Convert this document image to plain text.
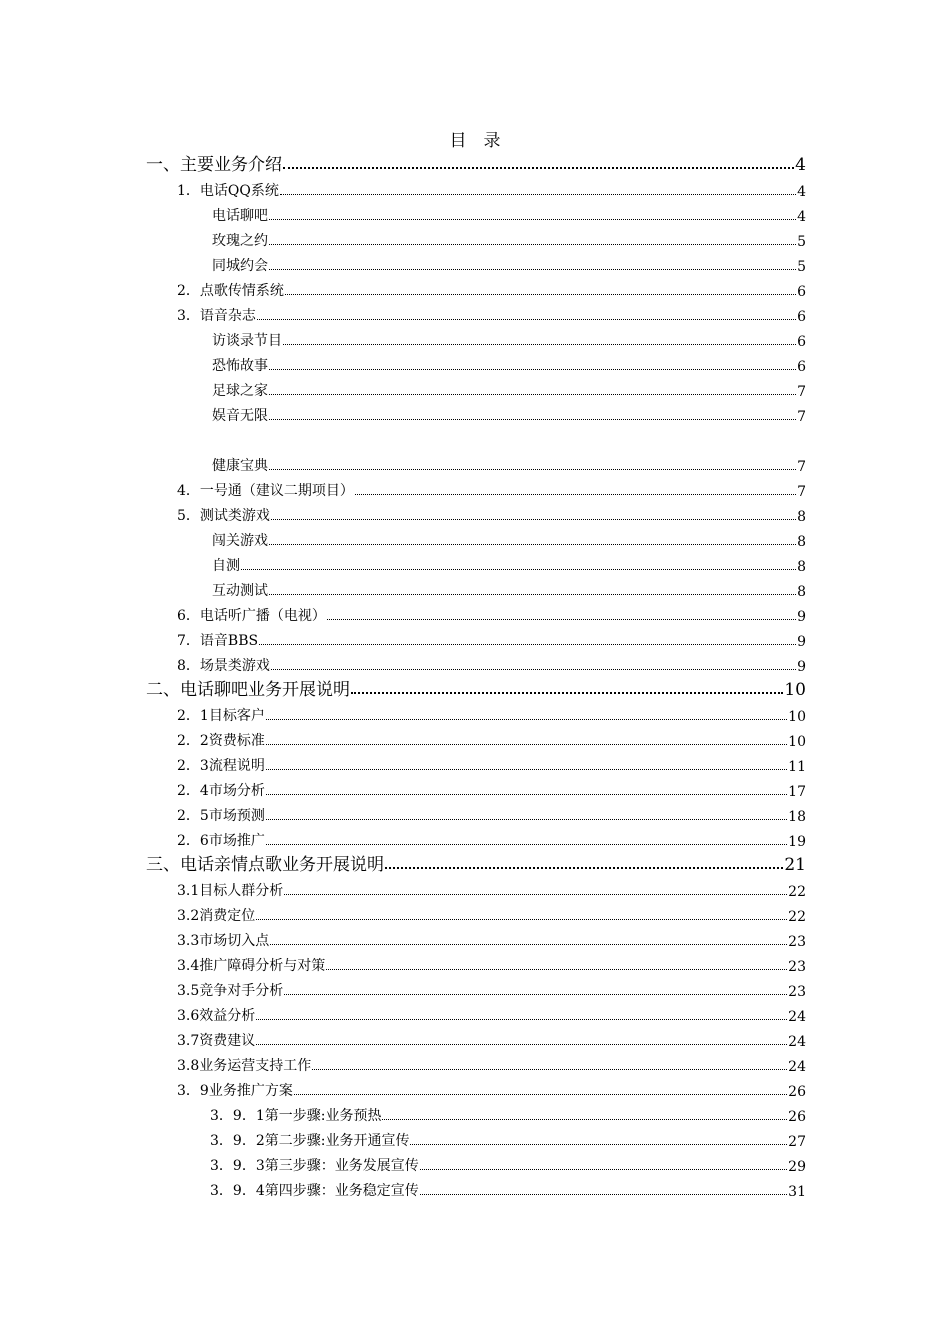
目　录
一、主要业务介绍	4
1．电话QQ系统	4
电话聊吧	4
玫瑰之约	5
同城约会	5
2．点歌传情系统	6
3．语音杂志	6
访谈录节目	6
恐怖故事	6
足球之家	7
娱音无限	7
健康宝典	7
4．一号通（建议二期项目）	7
5．测试类游戏	8
闯关游戏	8
自测	8
互动测试	8
6．电话听广播（电视）	9
7．语音BBS	9
8．场景类游戏	9
二、电话聊吧业务开展说明	10
2．1目标客户	10
2．2资费标准	10
2．3流程说明	11
2．4市场分析	17
2．5市场预测	18
2．6市场推广	19
三、电话亲情点歌业务开展说明	21
3.1目标人群分析	22
3.2消费定位	22
3.3市场切入点	23
3.4推广障碍分析与对策	23
3.5竞争对手分析	23
3.6效益分析	24
3.7资费建议	24
3.8业务运营支持工作	24
3．9业务推广方案	26
3．9．1第一步骤:业务预热	26
3．9．2第二步骤:业务开通宣传	27
3．9．3第三步骤：业务发展宣传	29
3．9．4第四步骤：业务稳定宣传	31
